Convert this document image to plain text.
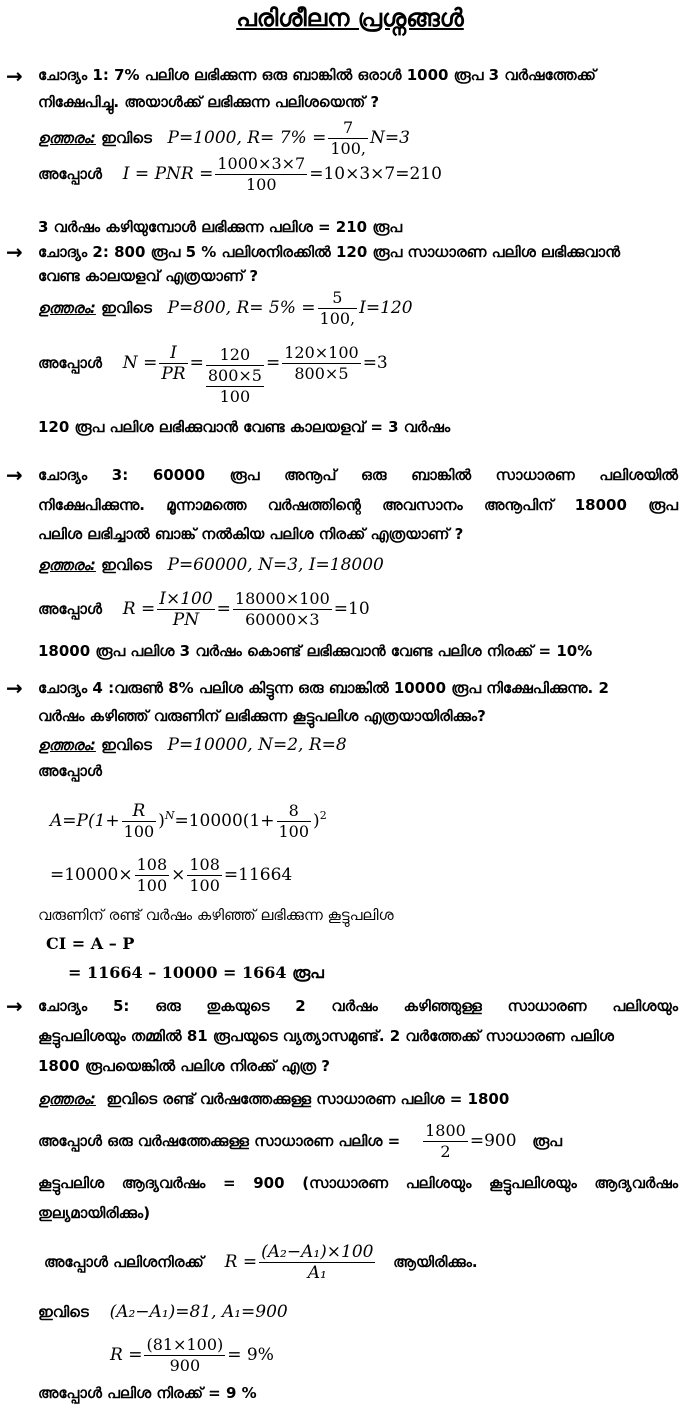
പരിശീലന പ്രശ്നങ്ങൾ
→ ചോദ്യം 1: 7% പലിശ ലഭിക്കുന്ന ഒരു ബാങ്കിൽ ഒരാൾ 1000 രൂപ 3 വർഷത്തേക്ക്
നിക്ഷേപിച്ചു. അയാൾക്ക് ലഭിക്കുന്ന പലിശയെന്ത് ?
ഉത്തരം:
ഇവിടെ
P=1000, $R= 7\% = \frac{7}{100,} N=3$
അപ്പോൾ
I = PNR = $\frac{1000\times 3\times 7}{100} =10\times 3\times 7=210$
3 വർഷം കഴിയുമ്പോൾ ലഭിക്കുന്ന പലിശ = 210 രൂപ
→ ചോദ്യം 2: 800 രൂപ 5 % പലിശനിരക്കിൽ 120 രൂപ സാധാരണ പലിശ ലഭിക്കുവാൻ
വേണ്ട കാലയളവ് എത്രയാണ് ?
ഉത്തരം:
ഇവിടെ
P=800, $R= 5\% = \frac{5}{100,} I=120$
അപ്പോൾ
$N = \frac{I}{PR} = 120$
800×5
100
= $\frac{120\times 100}{800\times 5} =3$
120 രൂപ പലിശ ലഭിക്കുവാൻ വേണ്ട കാലയളവ് = 3 വർഷം
→ ചോദ്യം 3: 60000 രൂപ അനൂപ് ഒരു ബാങ്കിൽ സാധാരണ പലിശയിൽ
നിക്ഷേപിക്കുന്നു. മൂന്നാമത്തെ വർഷത്തിന്റെ അവസാനം അനൂപിന് 18000 രൂപ
പലിശ ലഭിച്ചാൽ ബാങ്ക് നൽകിയ പലിശ നിരക്ക് എത്രയാണ് ?
ഉത്തരം:
ഇവിടെ
P=60000, N=3, I=18000
അപ്പോൾ
$R = \frac{I\times 100}{PN} = \frac{18000\times 100}{60000\times 3} =10$
18000 രൂപ പലിശ 3 വർഷം കൊണ്ട് ലഭിക്കുവാൻ വേണ്ട പലിശ നിരക്ക് = 10%
→ ചോദ്യം 4 :വരുൺ 8% പലിശ കിട്ടുന്ന ഒരു ബാങ്കിൽ 10000 രൂപ നിക്ഷേപിക്കുന്നു. 2
വർഷം കഴിഞ്ഞ് വരുണിന് ലഭിക്കുന്ന കൂട്ടുപലിശ എത്രയായിരിക്കും?
ഉത്തരം:
ഇവിടെ
P=10000, N=2, R=8
അപ്പോൾ
$A=P(1+ \frac{R}{100}$ ) $N =10000(1+ \frac{8}{100}$ ) 2
$=10000\times \frac{108}{100} \times \frac{108}{100} =11664$
വരുണിന് രണ്ട് വർഷം കഴിഞ്ഞ് ലഭിക്കുന്ന കൂട്ടുപലിശ
CI = A – P
= 11664 – 10000 = 1664 രൂപ
→ ചോദ്യം 5: ഒരു തുകയുടെ 2 വർഷം കഴിഞ്ഞുള്ള സാധാരണ പലിശയും
കൂട്ടുപലിശയും തമ്മിൽ 81 രൂപയുടെ വ്യത്യാസമുണ്ട്. 2 വർത്തേക്ക് സാധാരണ പലിശ
1800 രൂപയെങ്കിൽ പലിശ നിരക്ക് എത്ര ?
ഉത്തരം: ഇവിടെ രണ്ട് വർഷത്തേക്കുള്ള സാധാരണ പലിശ = 1800
അപ്പോൾ ഒരു വർഷത്തേക്കുള്ള സാധാരണ പലിശ =
$\frac{1800}{2} =900$
രൂപ
കൂട്ടുപലിശ ആദ്യവർഷം = 900 (സാധാരണ പലിശയും കൂട്ടുപലിശയും ആദ്യവർഷം
തുല്യമായിരിക്കും)
അപ്പോൾ പലിശനിരക്ക്
$R = \frac{\text{(A₂−A₁)×100}}{\text{A₁}}$
ആയിരിക്കും.
ഇവിടെ
(A₂−A₁)=81, A₁=900
$R = \frac{(81\times 100)}{900} = 9\%$
അപ്പോൾ പലിശ നിരക്ക് = 9 %
